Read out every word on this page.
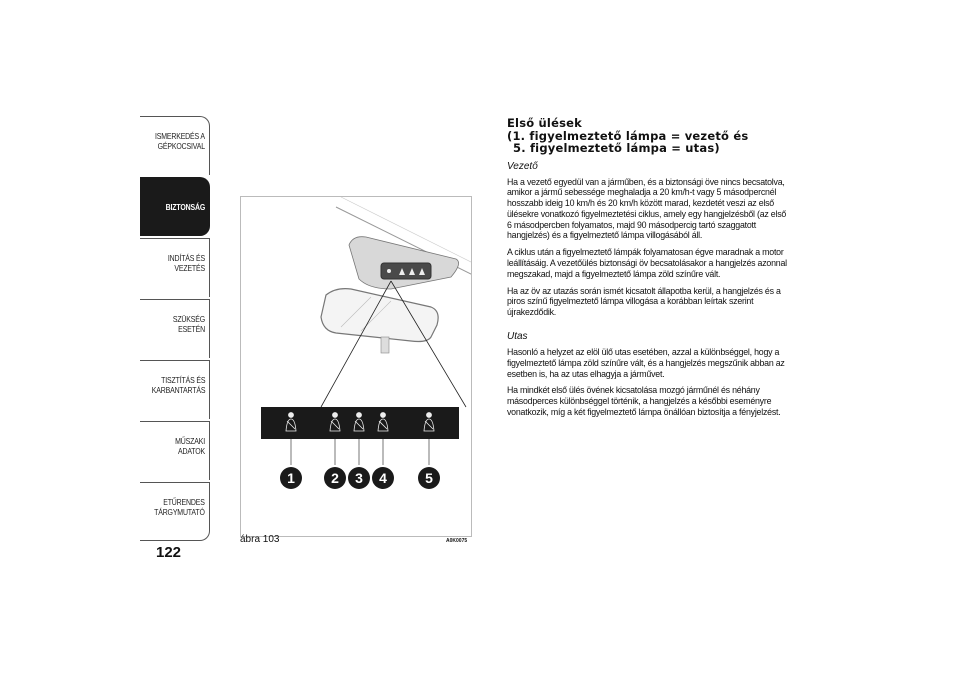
ISMERKEDÉS A
GÉPKOCSIVAL
BIZTONSÁG
INDÍTÁS ÉS VEZETÉS
SZÜKSÉG ESETÉN
TISZTÍTÁS ÉS
KARBANTARTÁS
MŰSZAKI ADATOK
ETŰRENDES
TÁRGYMUTATÓ
122
1	2 3 4	5
ábra 103	A0K0075
Első ülések
(1. figyelmeztető lámpa = vezető és
5. figyelmeztető lámpa = utas)
Vezető

Ha a vezető egyedül van a járműben, és a biztonsági öve nincs becsatolva, amikor a jármű sebessége meghaladja a 20 km/h-t vagy 5 másodpercnél hosszabb ideig 10 km/h és 20 km/h között marad, kezdetét veszi az első ülésekre vonatkozó figyelmeztetési ciklus, amely egy hangjelzésből (az első 6 másodpercben folyamatos, majd 90 másodpercig tartó szaggatott hangjelzés) és a figyelmeztető lámpa villogásából áll.

A ciklus után a figyelmeztető lámpák folyamatosan égve maradnak a motor leállításáig. A vezetőülés biztonsági öv becsatolásakor a hangjelzés azonnal megszakad, majd a figyelmeztető lámpa zöld színűre vált.

Ha az öv az utazás során ismét kicsatolt állapotba kerül, a hangjelzés és a piros színű figyelmeztető lámpa villogása a korábban leírtak szerint újrakezdődik.

Utas

Hasonló a helyzet az elöl ülő utas esetében, azzal a különbséggel, hogy a figyelmeztető lámpa zöld színűre vált, és a hangjelzés megszűnik abban az esetben is, ha az utas elhagyja a járművet.

Ha mindkét első ülés övének kicsatolása mozgó járműnél és néhány másodperces különbséggel történik, a hangjelzés a későbbi eseményre vonatkozik, míg a két figyelmeztető lámpa önállóan biztosítja a fényjelzést.
